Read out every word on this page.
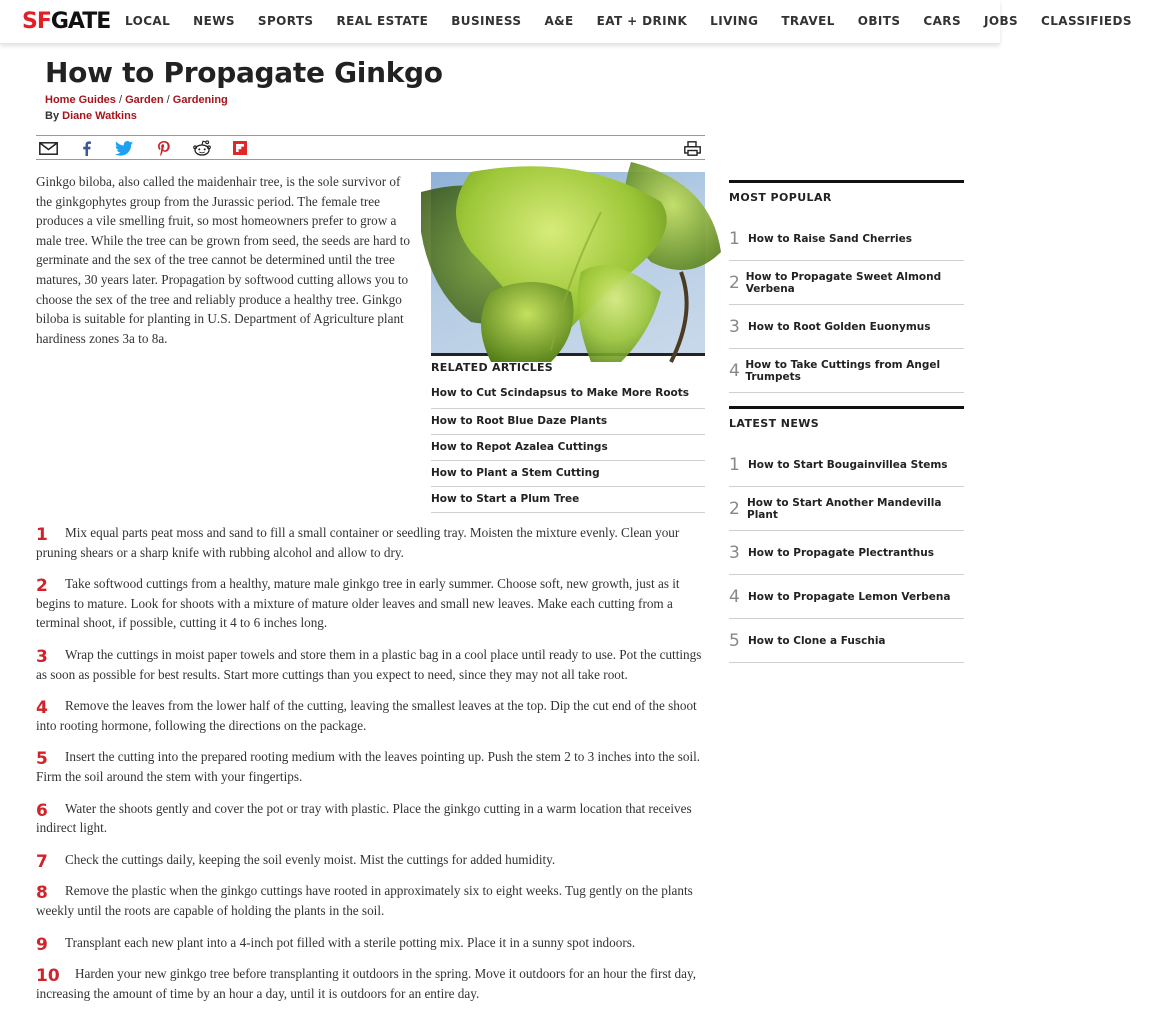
SFGATE LOCAL NEWS SPORTS REAL ESTATE BUSINESS A&E EAT + DRINK LIVING TRAVEL OBITS CARS JOBS CLASSIFIEDS
How to Propagate Ginkgo
Home Guides / Garden / Gardening
By Diane Watkins

Ginkgo biloba, also called the maidenhair tree, is the sole survivor of the ginkgophytes group from the Jurassic period. The female tree produces a vile smelling fruit, so most homeowners prefer to grow a male tree. While the tree can be grown from seed, the seeds are hard to germinate and the sex of the tree cannot be determined until the tree matures, 30 years later. Propagation by softwood cutting allows you to choose the sex of the tree and reliably produce a healthy tree. Ginkgo biloba is suitable for planting in U.S. Department of Agriculture plant hardiness zones 3a to 8a.

RELATED ARTICLES
How to Cut Scindapsus to Make More Roots
How to Root Blue Daze Plants
How to Repot Azalea Cuttings
How to Plant a Stem Cutting
How to Start a Plum Tree

1 Mix equal parts peat moss and sand to fill a small container or seedling tray. Moisten the mixture evenly. Clean your pruning shears or a sharp knife with rubbing alcohol and allow to dry.

2 Take softwood cuttings from a healthy, mature male ginkgo tree in early summer. Choose soft, new growth, just as it begins to mature. Look for shoots with a mixture of mature older leaves and small new leaves. Make each cutting from a terminal shoot, if possible, cutting it 4 to 6 inches long.

3 Wrap the cuttings in moist paper towels and store them in a plastic bag in a cool place until ready to use. Pot the cuttings as soon as possible for best results. Start more cuttings than you expect to need, since they may not all take root.

4 Remove the leaves from the lower half of the cutting, leaving the smallest leaves at the top. Dip the cut end of the shoot into rooting hormone, following the directions on the package.

5 Insert the cutting into the prepared rooting medium with the leaves pointing up. Push the stem 2 to 3 inches into the soil. Firm the soil around the stem with your fingertips.

6 Water the shoots gently and cover the pot or tray with plastic. Place the ginkgo cutting in a warm location that receives indirect light.

7 Check the cuttings daily, keeping the soil evenly moist. Mist the cuttings for added humidity.

8 Remove the plastic when the ginkgo cuttings have rooted in approximately six to eight weeks. Tug gently on the plants weekly until the roots are capable of holding the plants in the soil.

9 Transplant each new plant into a 4-inch pot filled with a sterile potting mix. Place it in a sunny spot indoors.

10 Harden your new ginkgo tree before transplanting it outdoors in the spring. Move it outdoors for an hour the first day, increasing the amount of time by an hour a day, until it is outdoors for an entire day.

MOST POPULAR
1 How to Raise Sand Cherries
2 How to Propagate Sweet Almond Verbena
3 How to Root Golden Euonymus
4 How to Take Cuttings from Angel Trumpets
LATEST NEWS
1 How to Start Bougainvillea Stems
2 How to Start Another Mandevilla Plant
3 How to Propagate Plectranthus
4 How to Propagate Lemon Verbena
5 How to Clone a Fuschia
